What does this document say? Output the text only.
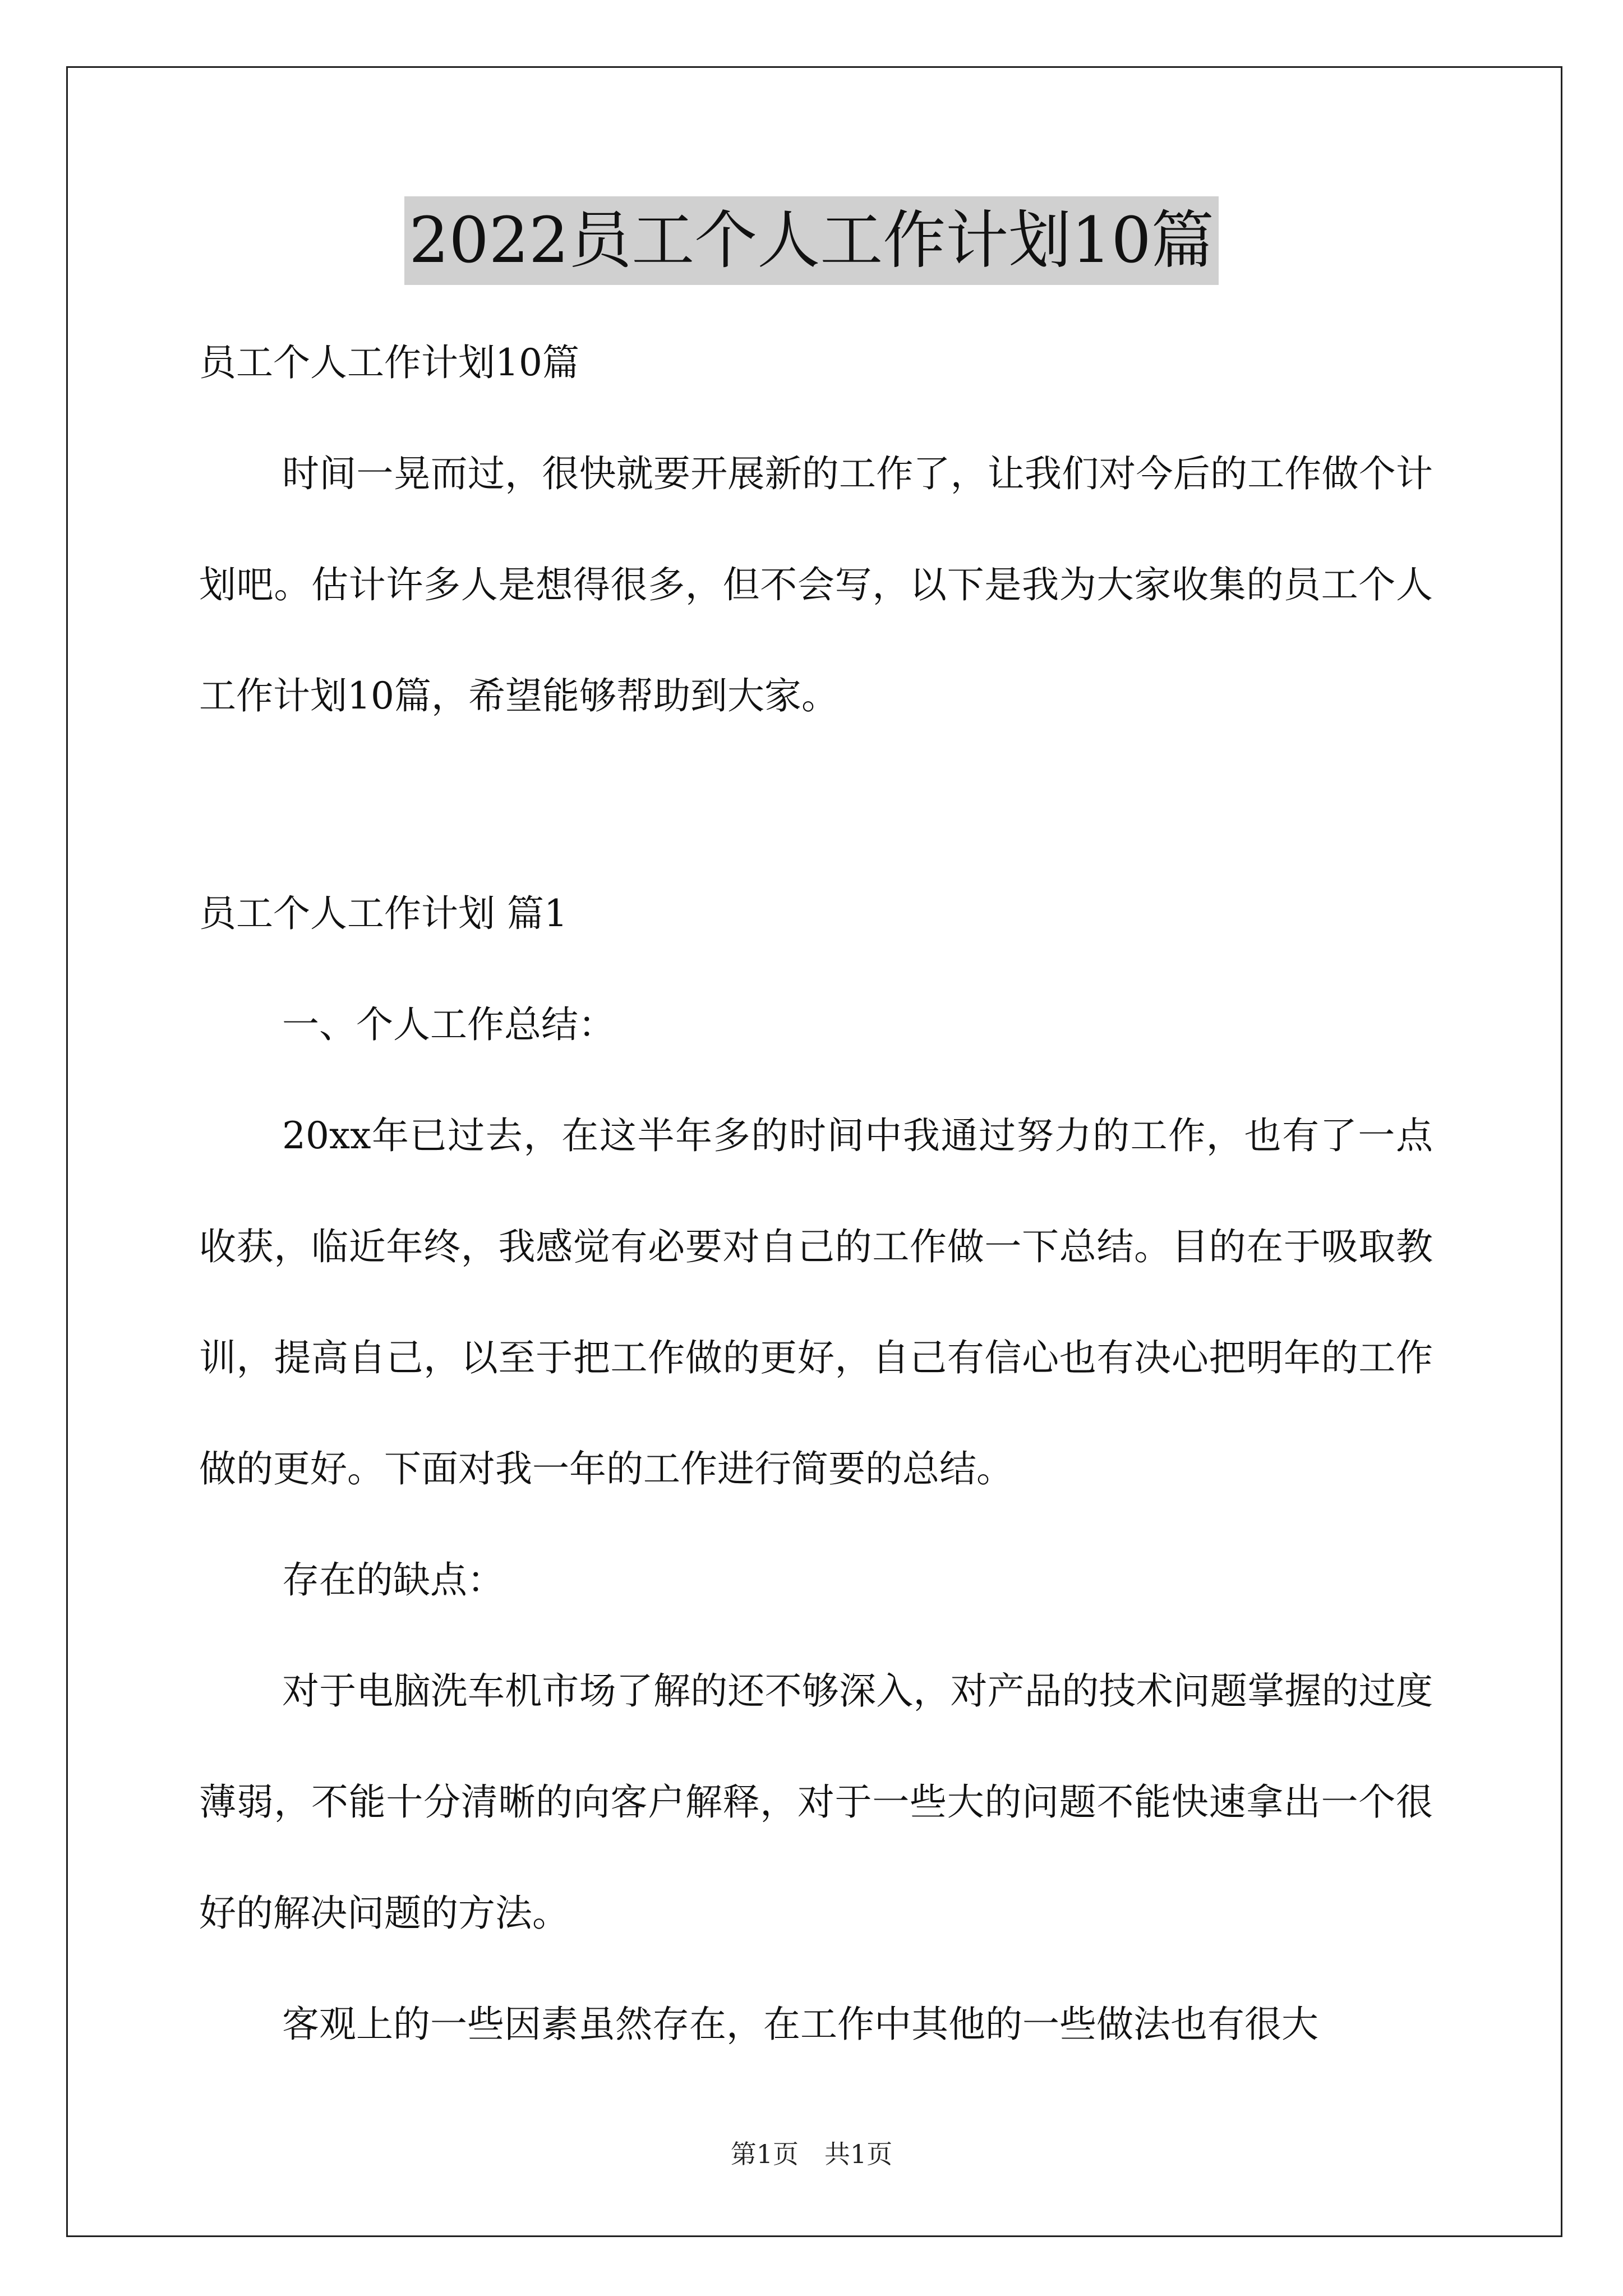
2022员工个人工作计划10篇

员工个人工作计划10篇

时间一晃而过，很快就要开展新的工作了，让我们对今后的工作做个计划吧。估计许多人是想得很多，但不会写，以下是我为大家收集的员工个人工作计划10篇，希望能够帮助到大家。

员工个人工作计划 篇1

一、个人工作总结：

20xx年已过去，在这半年多的时间中我通过努力的工作，也有了一点收获，临近年终，我感觉有必要对自己的工作做一下总结。目的在于吸取教训，提高自己，以至于把工作做的更好，自己有信心也有决心把明年的工作做的更好。下面对我一年的工作进行简要的总结。

存在的缺点：

对于电脑洗车机市场了解的还不够深入，对产品的技术问题掌握的过度薄弱，不能十分清晰的向客户解释，对于一些大的问题不能快速拿出一个很好的解决问题的方法。

客观上的一些因素虽然存在，在工作中其他的一些做法也有很大

第1页　共1页
